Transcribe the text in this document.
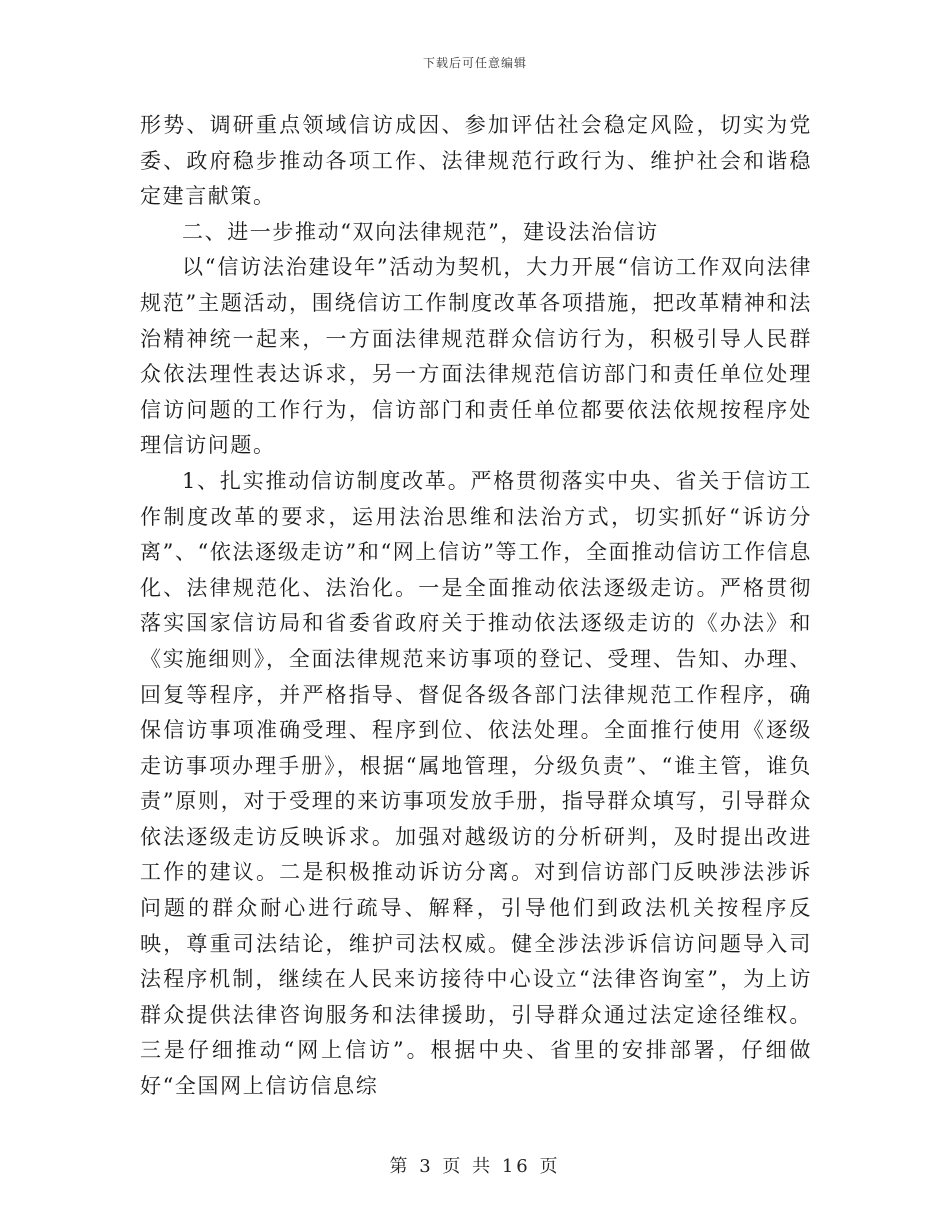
下载后可任意编辑

形势、调研重点领域信访成因、参加评估社会稳定风险，切实为党委、政府稳步推动各项工作、法律规范行政行为、维护社会和谐稳定建言献策。

二、进一步推动“双向法律规范”，建设法治信访

以“信访法治建设年”活动为契机，大力开展“信访工作双向法律规范”主题活动，围绕信访工作制度改革各项措施，把改革精神和法治精神统一起来，一方面法律规范群众信访行为，积极引导人民群众依法理性表达诉求，另一方面法律规范信访部门和责任单位处理信访问题的工作行为，信访部门和责任单位都要依法依规按程序处理信访问题。

1、扎实推动信访制度改革。严格贯彻落实中央、省关于信访工作制度改革的要求，运用法治思维和法治方式，切实抓好“诉访分离”、“依法逐级走访”和“网上信访”等工作，全面推动信访工作信息化、法律规范化、法治化。一是全面推动依法逐级走访。严格贯彻落实国家信访局和省委省政府关于推动依法逐级走访的《办法》和《实施细则》，全面法律规范来访事项的登记、受理、告知、办理、回复等程序，并严格指导、督促各级各部门法律规范工作程序，确保信访事项准确受理、程序到位、依法处理。全面推行使用《逐级走访事项办理手册》，根据“属地管理，分级负责”、“谁主管，谁负责”原则，对于受理的来访事项发放手册，指导群众填写，引导群众依法逐级走访反映诉求。加强对越级访的分析研判，及时提出改进工作的建议。二是积极推动诉访分离。对到信访部门反映涉法涉诉问题的群众耐心进行疏导、解释，引导他们到政法机关按程序反映，尊重司法结论，维护司法权威。健全涉法涉诉信访问题导入司法程序机制，继续在人民来访接待中心设立“法律咨询室”，为上访群众提供法律咨询服务和法律援助，引导群众通过法定途径维权。三是仔细推动“网上信访”。根据中央、省里的安排部署，仔细做好“全国网上信访信息综

第 3 页 共 16 页
